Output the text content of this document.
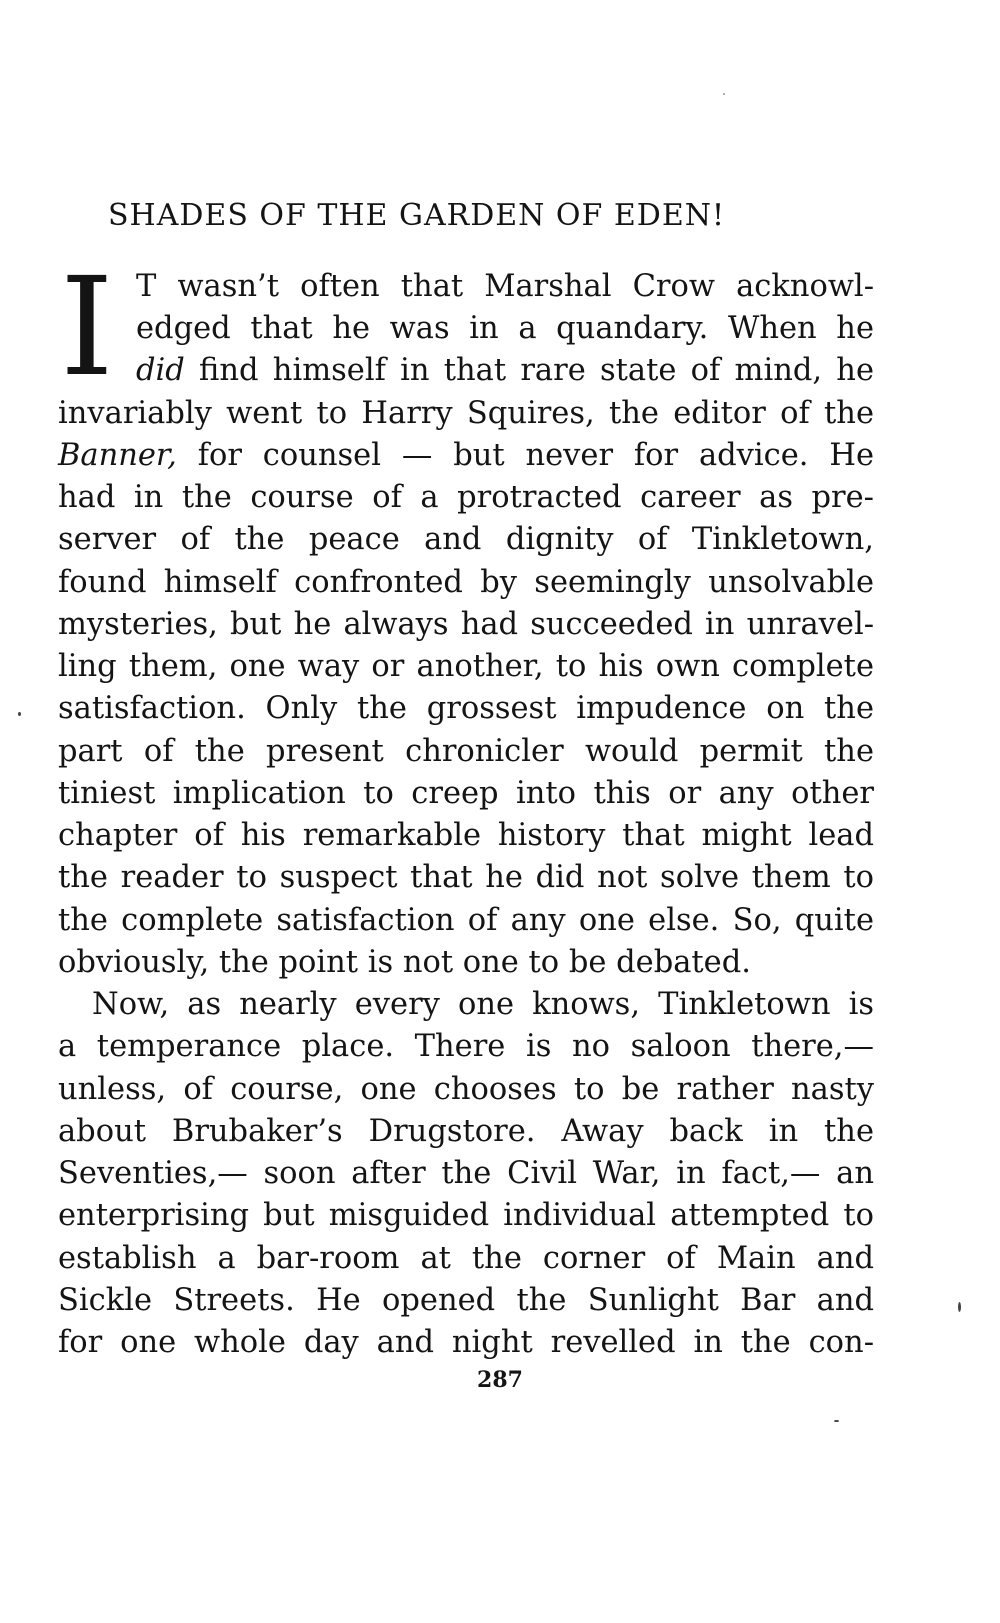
SHADES OF THE GARDEN OF EDEN!
I T wasn’t often that Marshal Crow acknowl-
edged that he was in a quandary. When he
did find himself in that rare state of mind, he
invariably went to Harry Squires, the editor of the
Banner, for counsel — but never for advice. He
had in the course of a protracted career as pre-
server of the peace and dignity of Tinkletown,
found himself confronted by seemingly unsolvable
mysteries, but he always had succeeded in unravel-
ling them, one way or another, to his own complete
satisfaction. Only the grossest impudence on the
part of the present chronicler would permit the
tiniest implication to creep into this or any other
chapter of his remarkable history that might lead
the reader to suspect that he did not solve them to
the complete satisfaction of any one else. So, quite
obviously, the point is not one to be debated.
Now, as nearly every one knows, Tinkletown is
a temperance place. There is no saloon there,—
unless, of course, one chooses to be rather nasty
about Brubaker’s Drugstore. Away back in the
Seventies,— soon after the Civil War, in fact,— an
enterprising but misguided individual attempted to
establish a bar-room at the corner of Main and
Sickle Streets. He opened the Sunlight Bar and
for one whole day and night revelled in the con-
287
